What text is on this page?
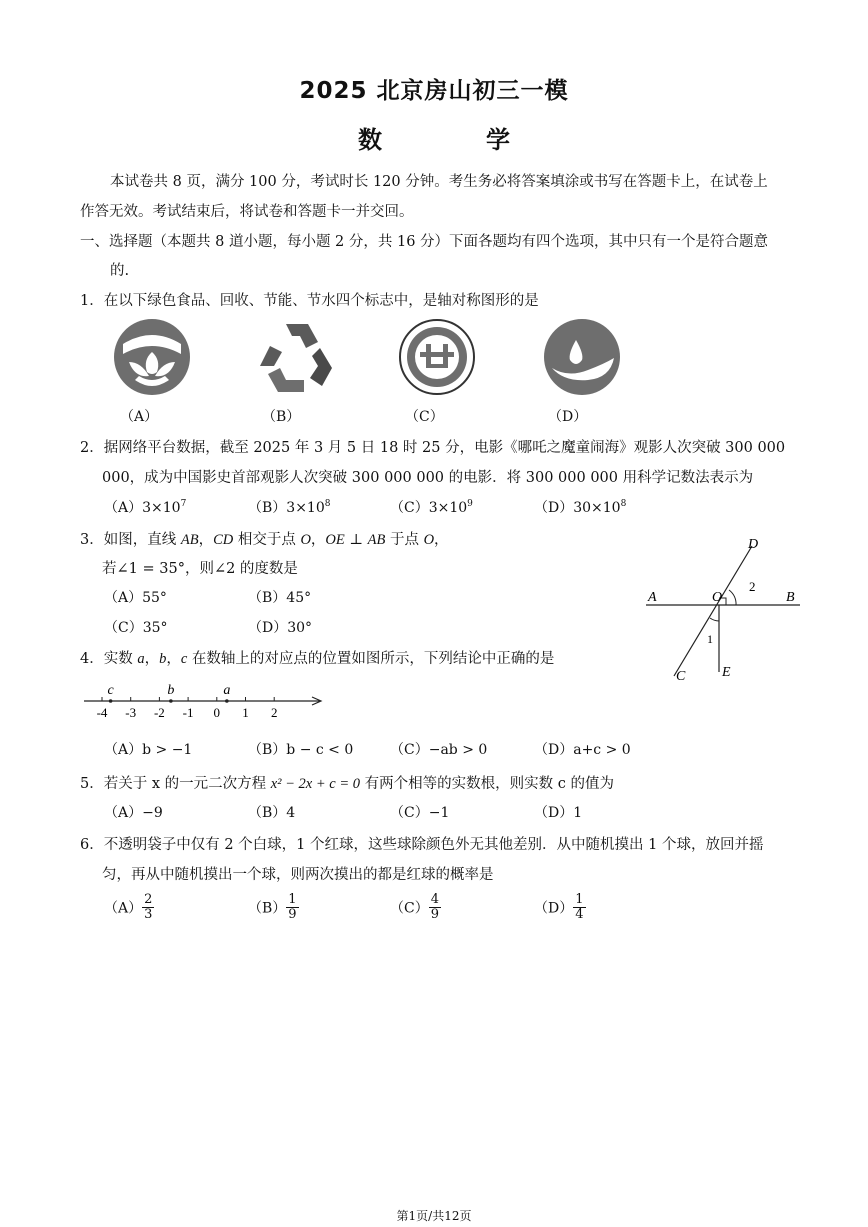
2025 北京房山初三一模
数　学
本试卷共 8 页，满分 100 分，考试时长 120 分钟。考生务必将答案填涂或书写在答题卡上，在试卷上
作答无效。考试结束后，将试卷和答题卡一并交回。
一、选择题（本题共 8 道小题，每小题 2 分，共 16 分）下面各题均有四个选项，其中只有一个是符合题意
的.
1．在以下绿色食品、回收、节能、节水四个标志中，是轴对称图形的是
（A）	（B）	（C）	（D）
2．据网络平台数据，截至 2025 年 3 月 5 日 18 时 25 分，电影《哪吒之魔童闹海》观影人次突破 300 000
000，成为中国影史首部观影人次突破 300 000 000 的电影．将 300 000 000 用科学记数法表示为
$(A)3\times 10^7$	$(B)3\times 10^8$	$(C)3\times 10^9$	$(D)30\times 10^8$
3．如图，直线 AB，CD 相交于点 O，OE ⊥ AB 于点 O，
若∠1 = 35°，则∠2 的度数是
（A）55°	（B）45°
（C）35°	（D）30°
A	B
C
D
E
O
1
2
4．实数 a，b，c 在数轴上的对应点的位置如图所示，下列结论中正确的是
-4 -3 -2 -1 0 1 2
c	b	a
（A）b > −1	（B）b − c < 0	（C）−ab > 0	（D）a+c > 0
5．若关于 x 的一元二次方程 x² − 2x + c = 0 有两个相等的实数根，则实数 c 的值为
（A）−9	（B）4	（C）−1	（D）1
6．不透明袋子中仅有 2 个白球，1 个红球，这些球除颜色外无其他差别．从中随机摸出 1 个球，放回并摇
匀，再从中随机摸出一个球，则两次摸出的都是红球的概率是
$(A) \frac{2}{3}$	$(B) \frac{1}{9}$	$(C) \frac{4}{9}$	$(D) \frac{1}{4}$
第1页/共12页
